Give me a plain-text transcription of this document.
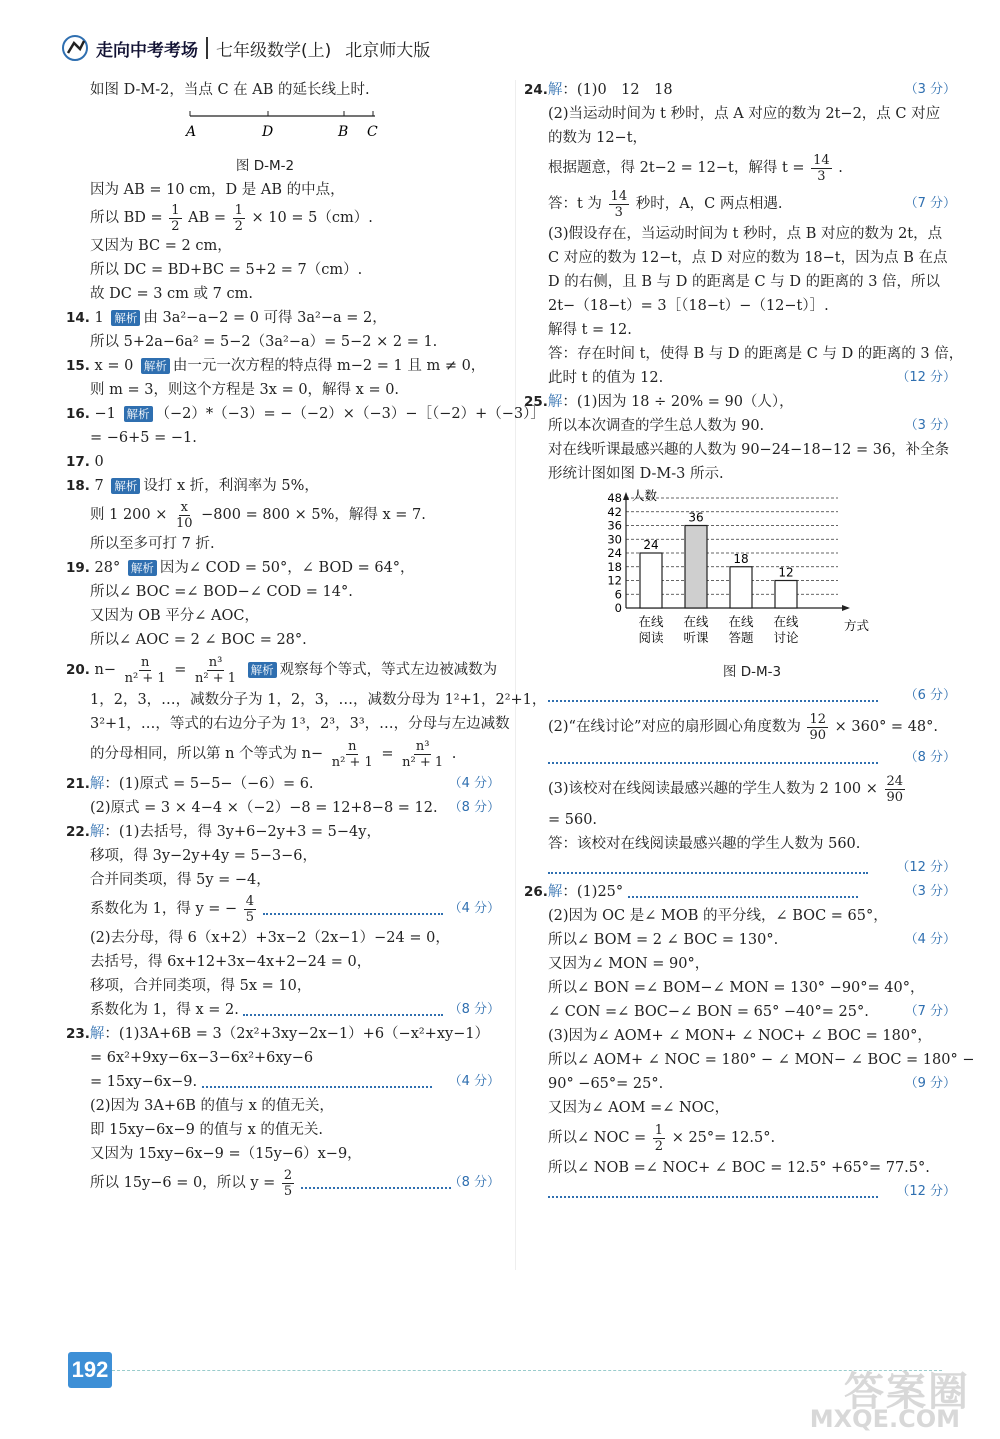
走向中考考场 七年级数学(上) 北京师大版
如图 D-M-2，当点 C 在 AB 的延长线上时.
A	D	B C
图 D-M-2
因为 AB = 10 cm，D 是 AB 的中点，
所以 BD = $\frac{1}{2}$ AB = $\frac{1}{2} \times 10 = 5(cm)$.
又因为 BC = 2 cm，
所以 DC = BD+BC = 5+2 = 7（cm）.
故 DC = 3 cm 或 7 cm.
14. 1 解析 由 3a²−a−2 = 0 可得 3a²−a = 2，
所以 5+2a−6a² = 5−2（3a²−a）= 5−2 × 2 = 1.
15. x = 0 解析 由一元一次方程的特点得 m−2 = 1 且 m ≠ 0，
则 m = 3，则这个方程是 3x = 0，解得 x = 0.
16. −1 解析 （−2）*（−3）= −（−2）×（−3）−［（−2）+（−3）］
= −6+5 = −1.
17. 0
18. 7 解析 设打 x 折，利润率为 5%，
则 1 $200 \times \frac{x}{10} -800 = 800 \times 5\%$，解得 x = 7.
所以至多可打 7 折.
19. 28° 解析 因为∠ COD = 50°，∠ BOD = 64°，
所以∠ BOC =∠ BOD−∠ COD = 14°.
又因为 OB 平分∠ AOC，
所以∠ AOC = 2 ∠ BOC = 28°.
20. $n- \frac{n}{\text{n² + 1}} = \frac{\text{n³}}{\text{n² + 1}}$ 解析 观察每个等式，等式左边被减数为
1，2，3，…，减数分子为 1，2，3，…，减数分母为 1²+1，2²+1，
3²+1，…，等式的右边分子为 1³，2³，3³，…，分母与左边减数
的分母相同，所以第 n 个等式为 $n- \frac{n}{\text{n² + 1}} = \frac{\text{n³}}{\text{n² + 1}}$ .
21.解：(1)原式 = 5−5−（−6）= 6.	（4 分）
(2)原式 = 3 × 4−4 ×（−2）−8 = 12+8−8 = 12. （8 分）
22.解：(1)去括号，得 3y+6−2y+3 = 5−4y，
移项，得 3y−2y+4y = 5−3−6，
合并同类项，得 5y = −4，
系数化为 1，得 y = − $\frac{4}{5}$
	（4 分）
(2)去分母，得 6（x+2）+3x−2（2x−1）−24 = 0，
去括号，得 6x+12+3x−4x+2−24 = 0，
移项，合并同类项，得 5x = 10，
系数化为 1，得 x = 2.	（8 分）
23.解：(1)3A+6B = 3（2x²+3xy−2x−1）+6（−x²+xy−1）
= 6x²+9xy−6x−3−6x²+6xy−6
= 15xy−6x−9.	（4 分）
(2)因为 3A+6B 的值与 x 的值无关，
即 15xy−6x−9 的值与 x 的值无关.
又因为 15xy−6x−9 =（15y−6）x−9，
所以 15y−6 = 0，所以 $y = \frac{2}{5}$
	（8 分）
24.解：(1)0　12　18	（3 分）
(2)当运动时间为 t 秒时，点 A 对应的数为 2t−2，点 C 对应
的数为 12−t，
根据题意，得 2t−2 = 12−t，解得 $t = \frac{14}{3}$ .
答：t 为 $\frac{14}{3}$ 秒时，A，C 两点相遇.	（7 分）
(3)假设存在，当运动时间为 t 秒时，点 B 对应的数为 2t，点
C 对应的数为 12−t，点 D 对应的数为 18−t，因为点 B 在点
D 的右侧，且 B 与 D 的距离是 C 与 D 的距离的 3 倍，所以
2t−（18−t）= 3［（18−t）−（12−t）］.
解得 t = 12.
答：存在时间 t，使得 B 与 D 的距离是 C 与 D 的距离的 3 倍，
此时 t 的值为 12.	（12 分）
25.解：(1)因为 18 ÷ 20% = 90（人），
所以本次调查的学生总人数为 90.	（3 分）
对在线听课最感兴趣的人数为 90−24−18−12 = 36，补全条
形统计图如图 D-M-3 所示.
0
6
12
18
24
30
36
42
48 人数
方式
24
在线
阅读
36
在线
听课
18
在线
答题
12
在线
讨论
图 D-M-3
（6 分）
(2)“在线讨论”对应的扇形圆心角度数为 $\frac{12}{90} \times 360^\circ = 48^\circ$.
（8 分）
(3)该校对在线阅读最感兴趣的学生人数为 2 $100 \times \frac{24}{90}$
= 560.
答：该校对在线阅读最感兴趣的学生人数为 560.
（12 分）
26.解：(1)25°	（3 分）
(2)因为 OC 是∠ MOB 的平分线，∠ BOC = 65°，
所以∠ BOM = 2 ∠ BOC = 130°.	（4 分）
又因为∠ MON = 90°，
所以∠ BON =∠ BOM−∠ MON = 130° −90°= 40°，
∠ CON =∠ BOC−∠ BON = 65° −40°= 25°.	（7 分）
(3)因为∠ AOM+ ∠ MON+ ∠ NOC+ ∠ BOC = 180°，
所以∠ AOM+ ∠ NOC = 180° − ∠ MON− ∠ BOC = 180° −
90° −65°= 25°.	（9 分）
又因为∠ AOM =∠ NOC，
所以∠ NOC = $\frac{1}{2} \times 25^\circ= 12.5^\circ$.
所以∠ NOB =∠ NOC+ ∠ BOC = 12.5° +65°= 77.5°.
（12 分）
192	答案圈
MXQE.COM
